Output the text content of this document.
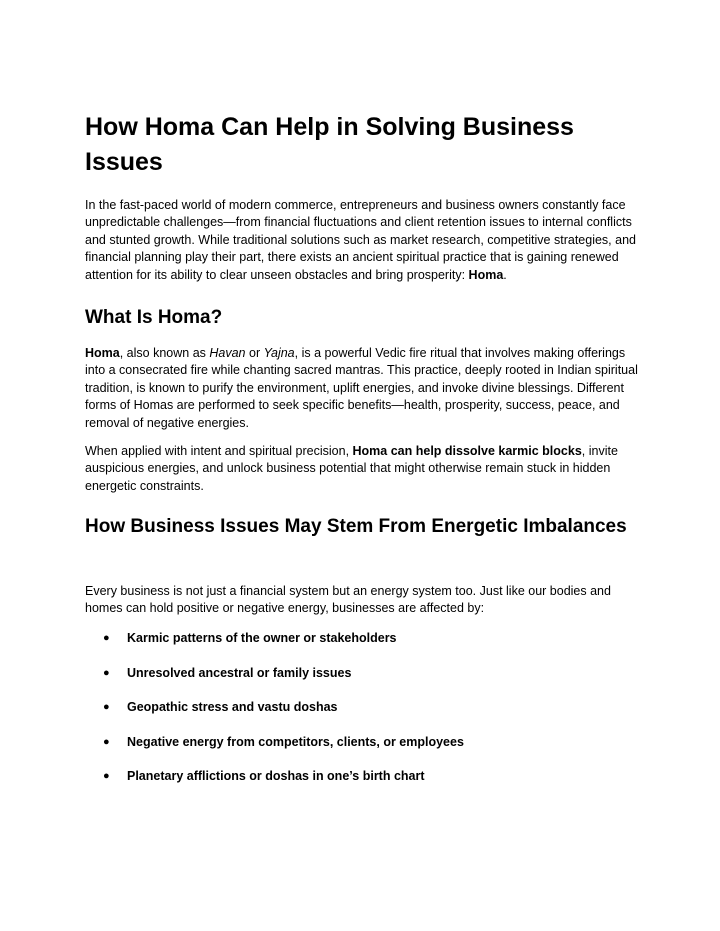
How Homa Can Help in Solving Business Issues

In the fast-paced world of modern commerce, entrepreneurs and business owners constantly face unpredictable challenges—from financial fluctuations and client retention issues to internal conflicts and stunted growth. While traditional solutions such as market research, competitive strategies, and financial planning play their part, there exists an ancient spiritual practice that is gaining renewed attention for its ability to clear unseen obstacles and bring prosperity: Homa.

What Is Homa?

Homa, also known as Havan or Yajna, is a powerful Vedic fire ritual that involves making offerings into a consecrated fire while chanting sacred mantras. This practice, deeply rooted in Indian spiritual tradition, is known to purify the environment, uplift energies, and invoke divine blessings. Different forms of Homas are performed to seek specific benefits—health, prosperity, success, peace, and removal of negative energies.

When applied with intent and spiritual precision, Homa can help dissolve karmic blocks, invite auspicious energies, and unlock business potential that might otherwise remain stuck in hidden energetic constraints.

How Business Issues May Stem From Energetic Imbalances

Every business is not just a financial system but an energy system too. Just like our bodies and homes can hold positive or negative energy, businesses are affected by:

● Karmic patterns of the owner or stakeholders
● Unresolved ancestral or family issues
● Geopathic stress and vastu doshas
● Negative energy from competitors, clients, or employees
● Planetary afflictions or doshas in one’s birth chart
